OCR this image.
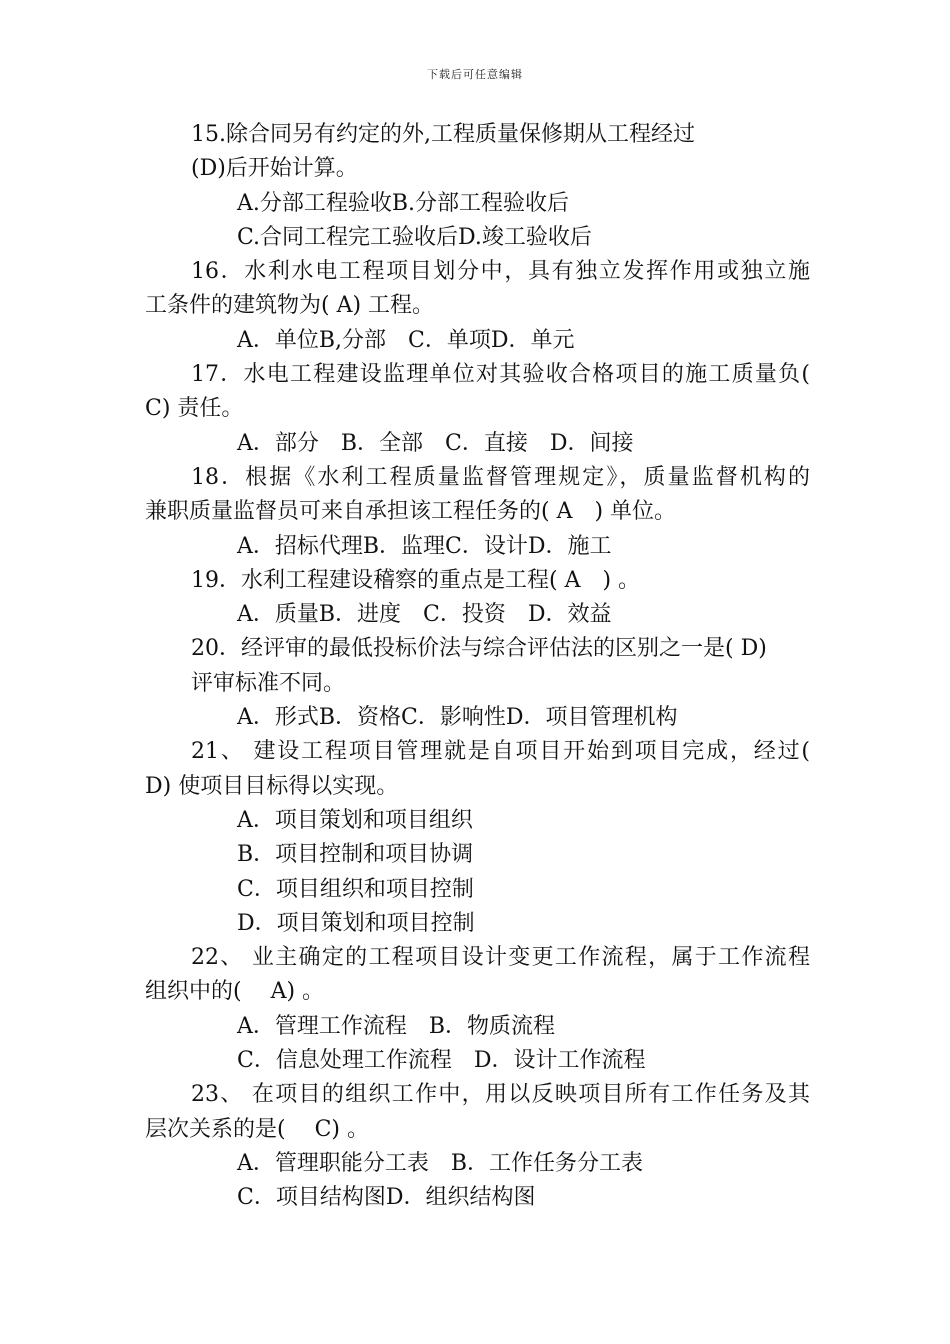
下载后可任意编辑
15.除合同另有约定的外,工程质量保修期从工程经过
(D)后开始计算。
A.分部工程验收B.分部工程验收后
C.合同工程完工验收后D.竣工验收后
16．水利水电工程项目划分中，具有独立发挥作用或独立施
工条件的建筑物为( A) 工程。
A．单位B,分部　C．单项D．单元
17．水电工程建设监理单位对其验收合格项目的施工质量负(
C) 责任。
A．部分　B．全部　C．直接　D．间接
18．根据《水利工程质量监督管理规定》，质量监督机构的
兼职质量监督员可来自承担该工程任务的( A　) 单位。
A．招标代理B．监理C．设计D．施工
19．水利工程建设稽察的重点是工程( A　) 。
A．质量B．进度　C．投资　D．效益
20．经评审的最低投标价法与综合评估法的区别之一是( D)
评审标准不同。
A．形式B．资格C．影响性D．项目管理机构
21、 建设工程项目管理就是自项目开始到项目完成，经过(
D) 使项目目标得以实现。
A．项目策划和项目组织
B．项目控制和项目协调
C．项目组织和项目控制
D．项目策划和项目控制
22、 业主确定的工程项目设计变更工作流程，属于工作流程
组织中的(　 A) 。
A．管理工作流程　B．物质流程
C．信息处理工作流程　D．设计工作流程
23、 在项目的组织工作中，用以反映项目所有工作任务及其
层次关系的是(　 C) 。
A．管理职能分工表　B．工作任务分工表
C．项目结构图D．组织结构图
